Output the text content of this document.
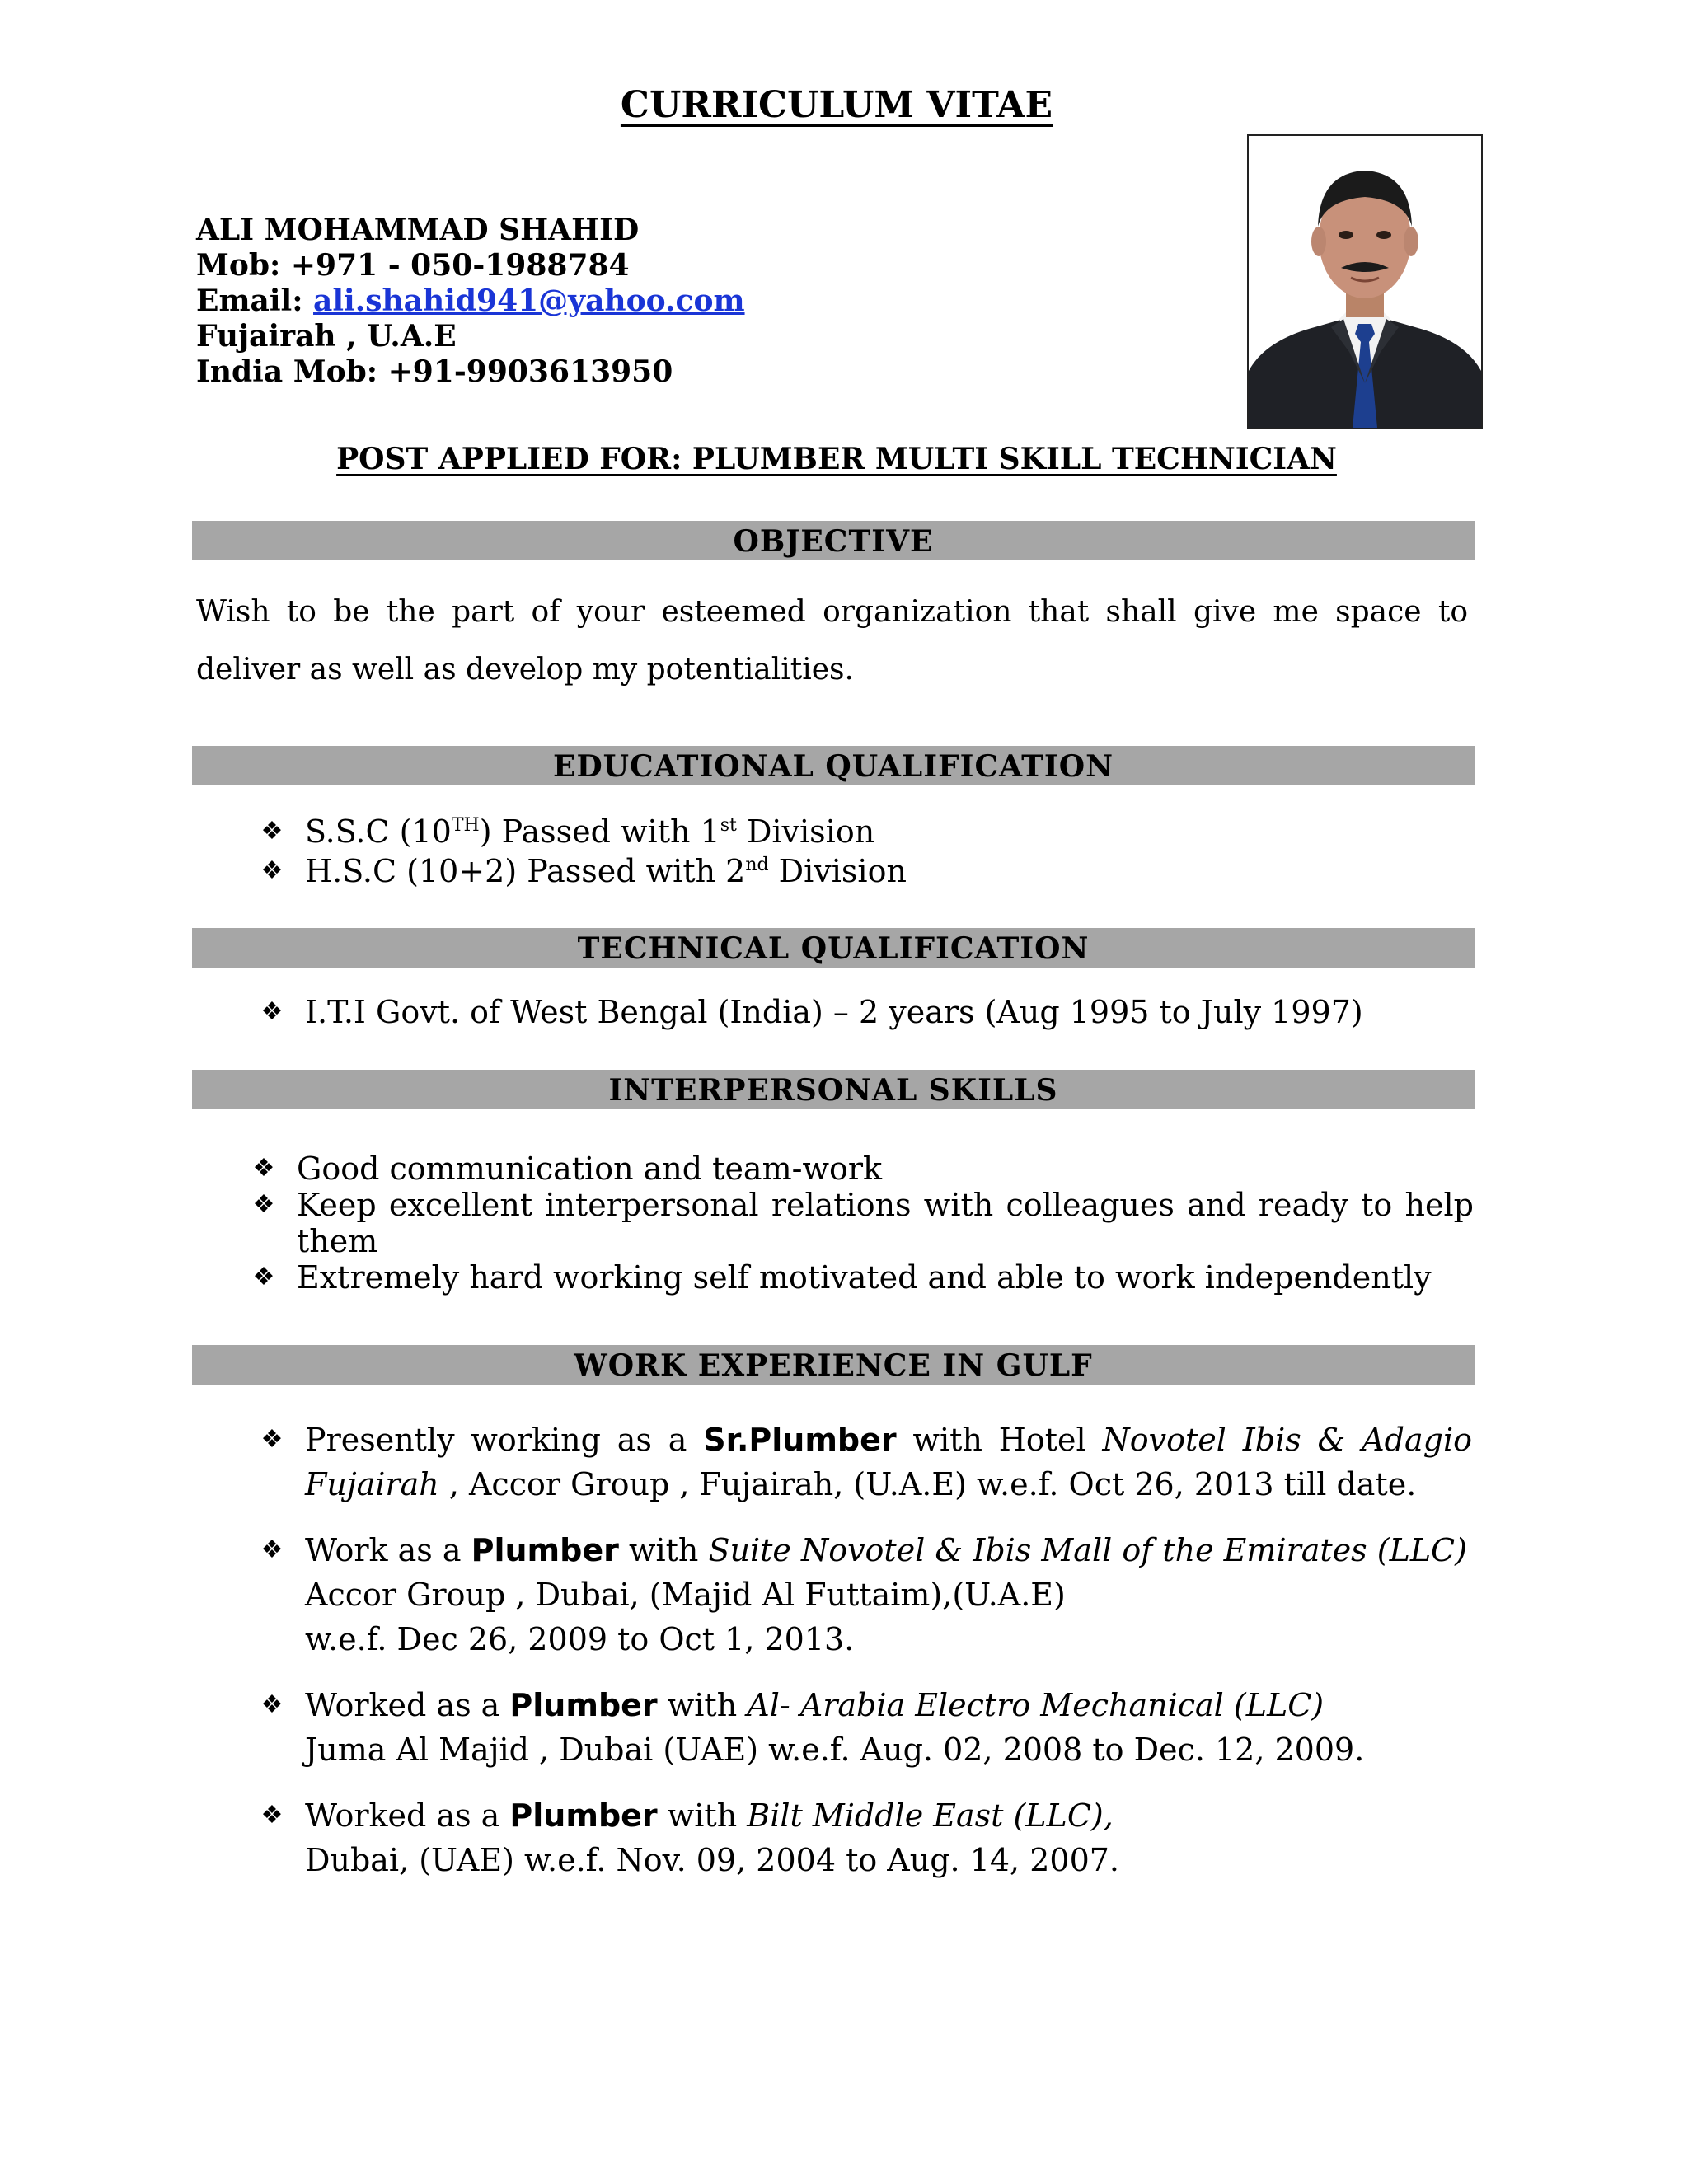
CURRICULUM VITAE
ALI MOHAMMAD SHAHID
Mob: +971 - 050-1988784
Email: ali.shahid941@yahoo.com
Fujairah , U.A.E
India Mob: +91-9903613950
POST APPLIED FOR: PLUMBER MULTI SKILL TECHNICIAN
OBJECTIVE
Wish to be the part of your esteemed organization that shall give me space to deliver as well as develop my potentialities.
EDUCATIONAL QUALIFICATION
❖ S.S.C (10TH) Passed with 1st Division
❖ H.S.C (10+2) Passed with 2nd Division
TECHNICAL QUALIFICATION
❖ I.T.I Govt. of West Bengal (India) – 2 years (Aug 1995 to July 1997)
INTERPERSONAL SKILLS
❖ Good communication and team-work
❖ Keep excellent interpersonal relations with colleagues and ready to help them
❖ Extremely hard working self motivated and able to work independently
WORK EXPERIENCE IN GULF
❖ Presently working as a Sr.Plumber with Hotel Novotel Ibis & Adagio Fujairah , Accor Group , Fujairah, (U.A.E) w.e.f. Oct 26, 2013 till date.
❖ Work as a Plumber with Suite Novotel & Ibis Mall of the Emirates (LLC)
Accor Group , Dubai, (Majid Al Futtaim),(U.A.E)
w.e.f. Dec 26, 2009 to Oct 1, 2013.
❖ Worked as a Plumber with Al- Arabia Electro Mechanical (LLC)
Juma Al Majid , Dubai (UAE) w.e.f. Aug. 02, 2008 to Dec. 12, 2009.
❖ Worked as a Plumber with Bilt Middle East (LLC),
Dubai, (UAE) w.e.f. Nov. 09, 2004 to Aug. 14, 2007.
